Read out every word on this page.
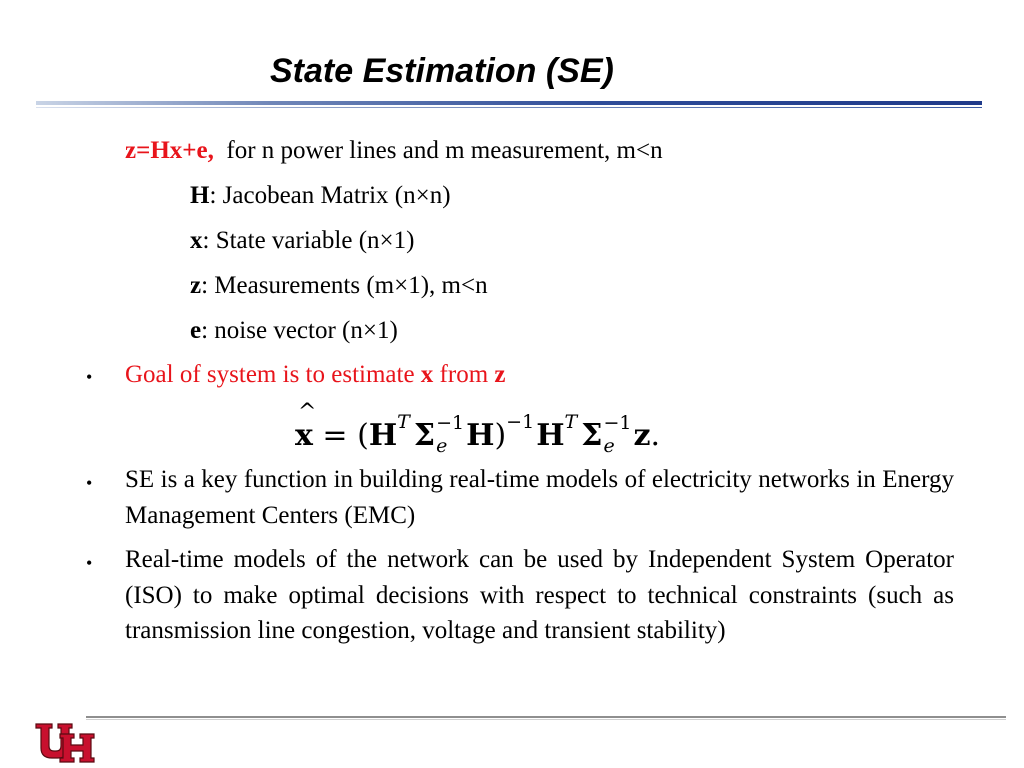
State Estimation (SE)
z=Hx+e, for n power lines and m measurement, m<n
H: Jacobean Matrix (n×n)
x: State variable (n×1)
z: Measurements (m×1), m<n
e: noise vector (n×1)
• Goal of system is to estimate x from z
^ x = ( H T Σ −1
e H ) −1 H T Σ −1
e z .
• SE is a key function in building real-time models of electricity networks in Energy Management Centers (EMC)
• Real-time models of the network can be used by Independent System Operator (ISO) to make optimal decisions with respect to technical constraints (such as transmission line congestion, voltage and transient stability)
UH
